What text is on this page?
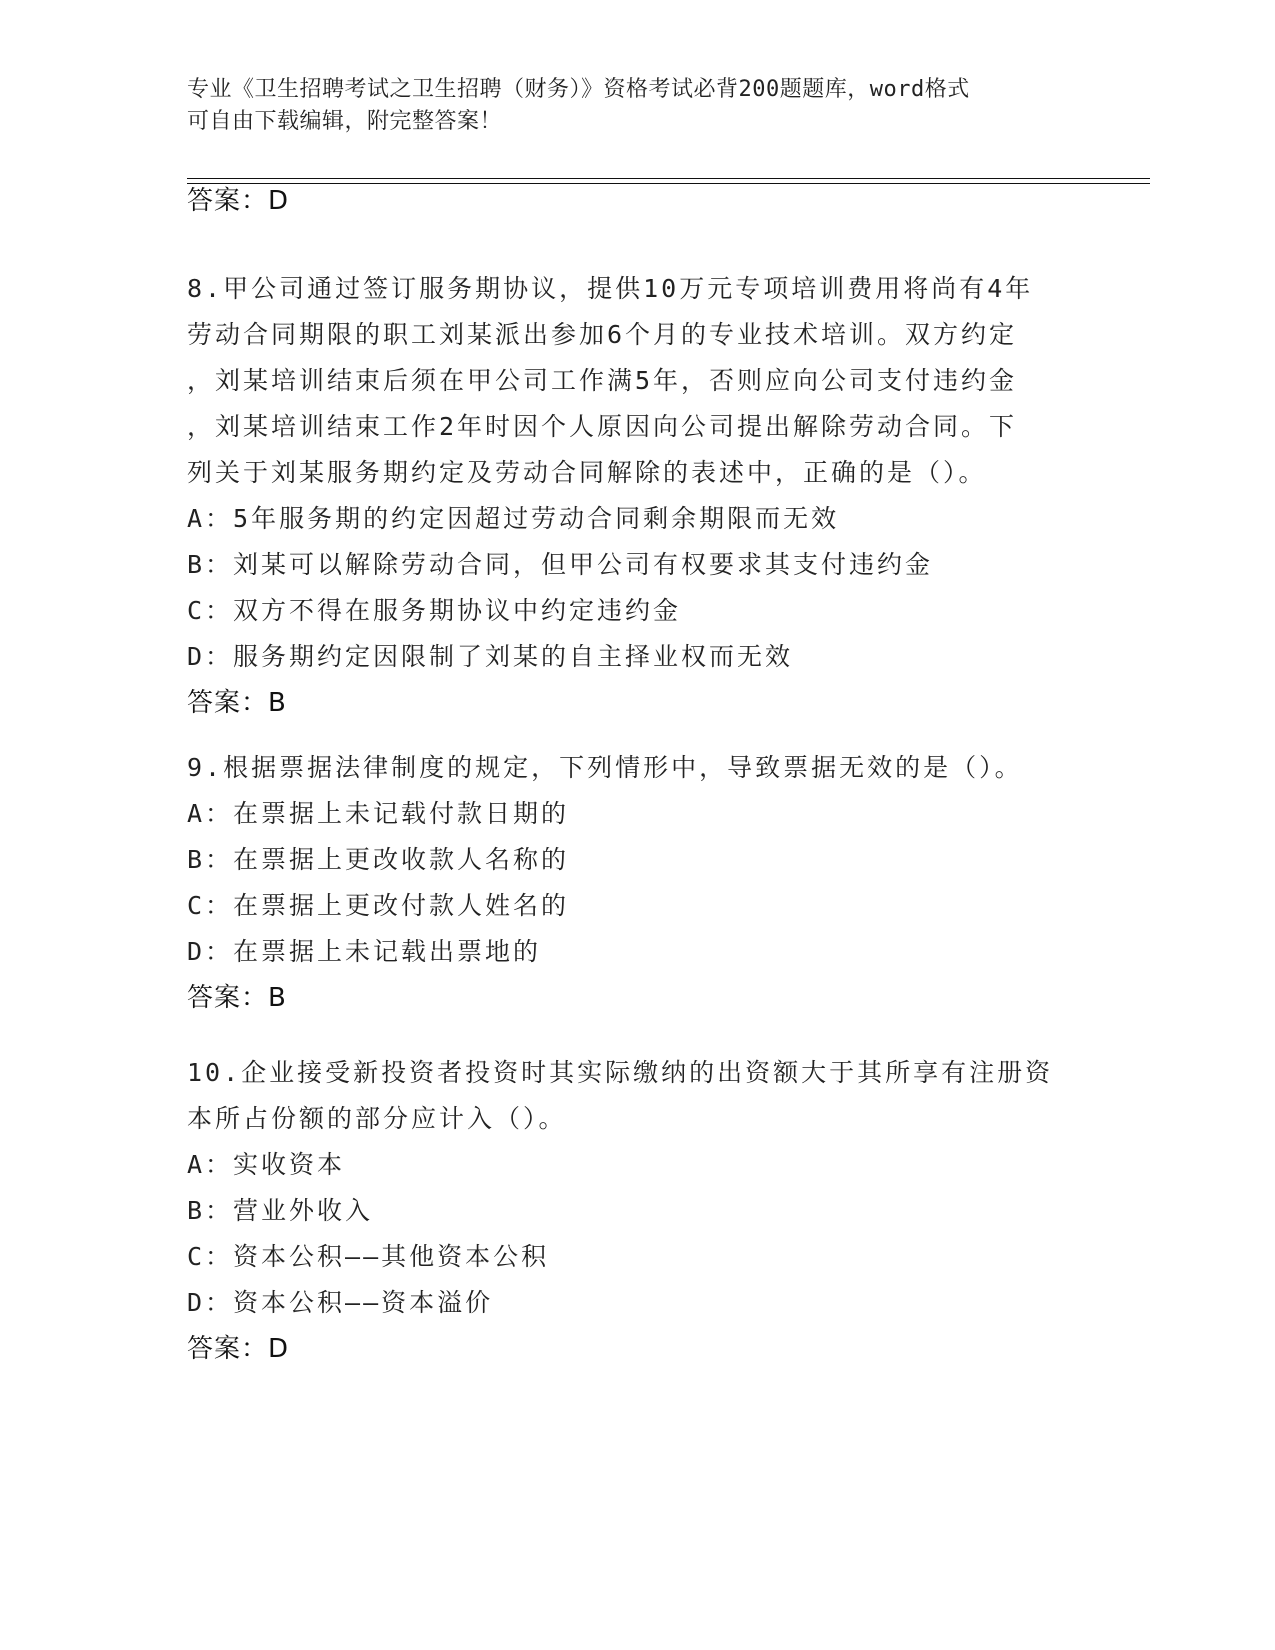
专业《卫生招聘考试之卫生招聘（财务）》资格考试必背200题题库，word格式
可自由下载编辑，附完整答案！
答案：D
8.甲公司通过签订服务期协议，提供10万元专项培训费用将尚有4年
劳动合同期限的职工刘某派出参加6个月的专业技术培训。双方约定
，刘某培训结束后须在甲公司工作满5年，否则应向公司支付违约金
，刘某培训结束工作2年时因个人原因向公司提出解除劳动合同。下
列关于刘某服务期约定及劳动合同解除的表述中，正确的是（）。
A：5年服务期的约定因超过劳动合同剩余期限而无效
B：刘某可以解除劳动合同，但甲公司有权要求其支付违约金
C：双方不得在服务期协议中约定违约金
D：服务期约定因限制了刘某的自主择业权而无效
答案：B
9.根据票据法律制度的规定，下列情形中，导致票据无效的是（）。
A：在票据上未记载付款日期的
B：在票据上更改收款人名称的
C：在票据上更改付款人姓名的
D：在票据上未记载出票地的
答案：B
10.企业接受新投资者投资时其实际缴纳的出资额大于其所享有注册资
本所占份额的部分应计入（）。
A：实收资本
B：营业外收入
C：资本公积——其他资本公积
D：资本公积——资本溢价
答案：D
